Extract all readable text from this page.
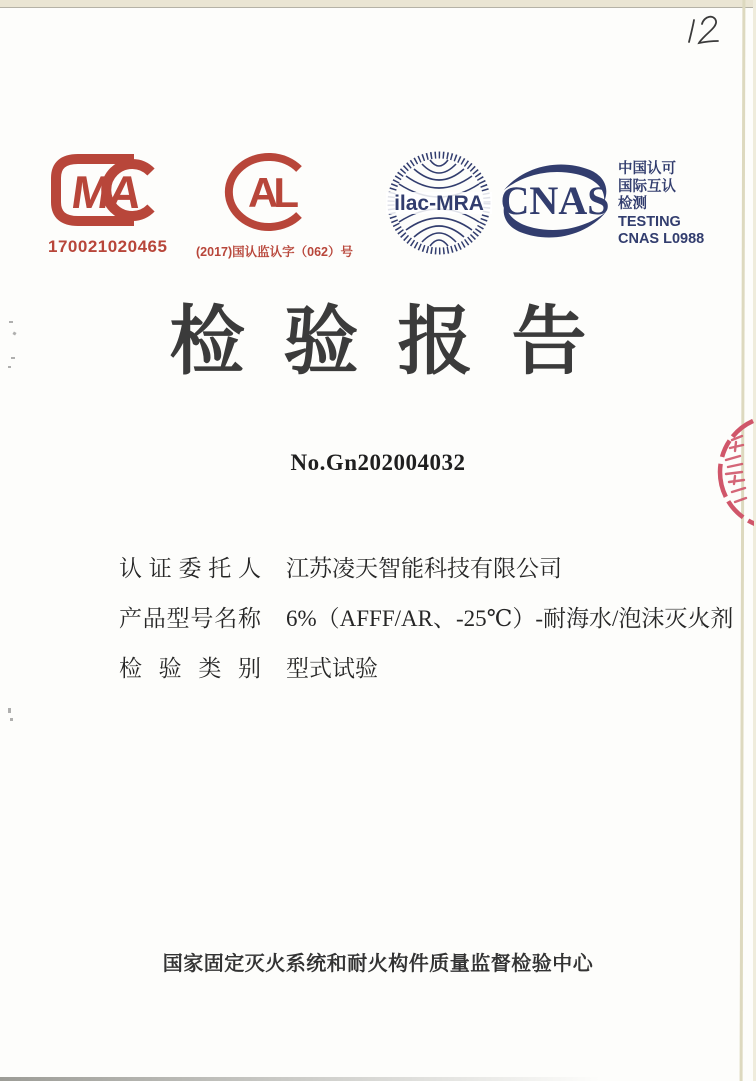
MA
170021020465
AL
(2017)国认监认字（062）号
ilac-MRA CNAS
中国认可
国际互认
检测
TESTING
CNAS L0988
检验报告
No.Gn202004032
认证委托人 江苏凌天智能科技有限公司
产品型号名称 6%（AFFF/AR、-25℃）-耐海水/泡沫灭火剂
检验类别 型式试验
国家固定灭火系统和耐火构件质量监督检验中心
